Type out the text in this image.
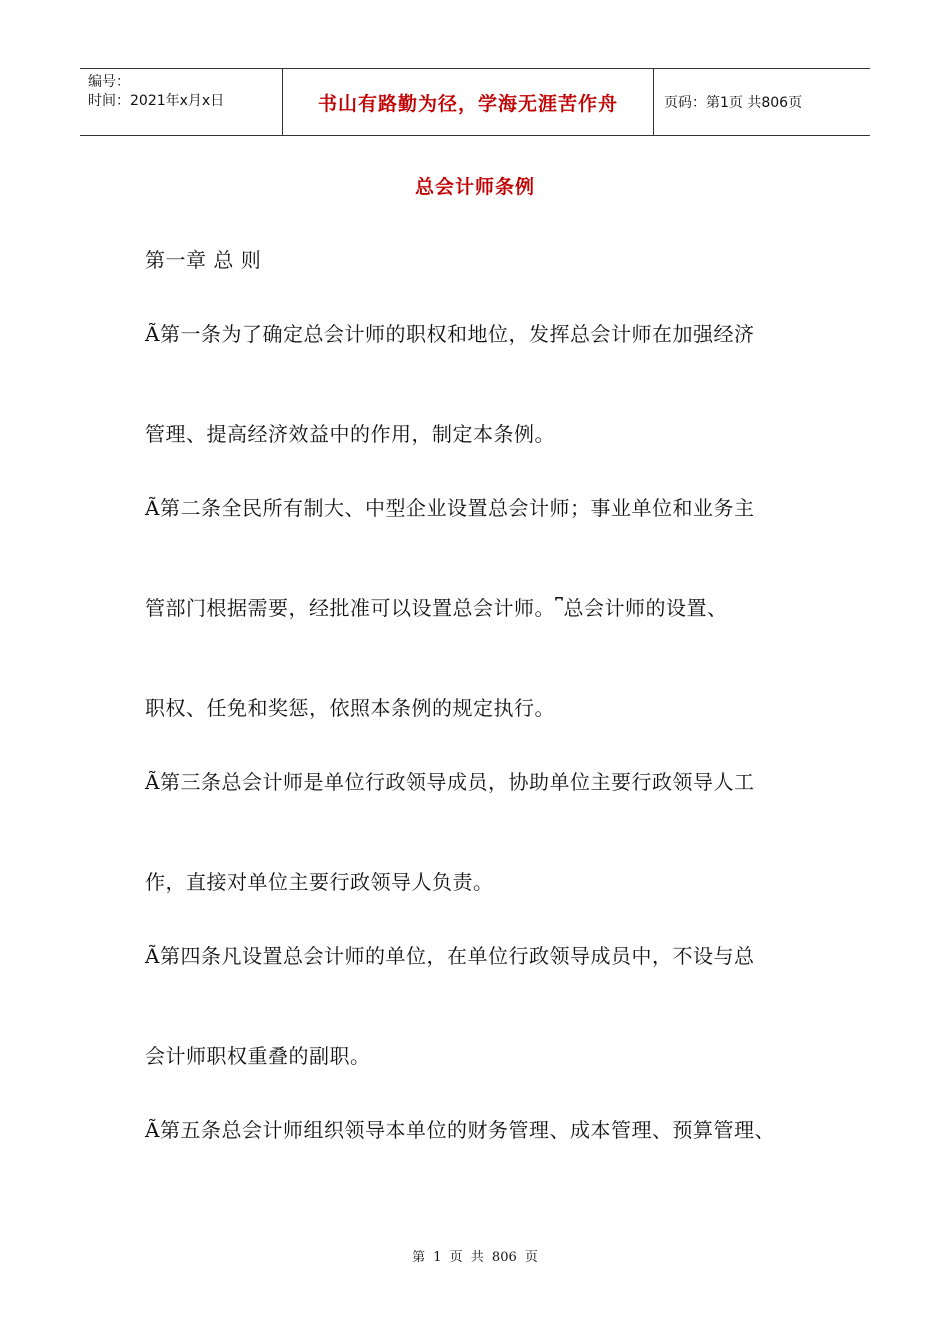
编号：
时间：2021年x月x日	书山有路勤为径，学海无涯苦作舟	页码：第1页 共806页
总会计师条例
第一章 总 则
Ã第一条为了确定总会计师的职权和地位，发挥总会计师在加强经济
管理、提高经济效益中的作用，制定本条例。
Ã第二条全民所有制大、中型企业设置总会计师；事业单位和业务主
管部门根据需要，经批准可以设置总会计师。⎴总会计师的设置、
职权、任免和奖惩，依照本条例的规定执行。
Ã第三条总会计师是单位行政领导成员，协助单位主要行政领导人工
作，直接对单位主要行政领导人负责。
Ã第四条凡设置总会计师的单位，在单位行政领导成员中，不设与总
会计师职权重叠的副职。
Ã第五条总会计师组织领导本单位的财务管理、成本管理、预算管理、
第 1 页 共 806 页
